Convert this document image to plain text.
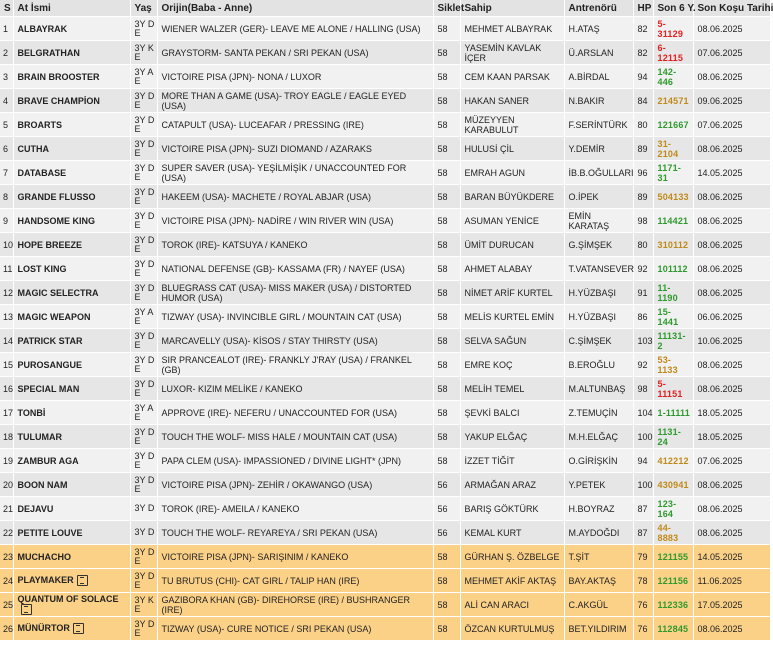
S	At İsmi	Yaş	Orijin(Baba - Anne)	Siklet	Sahip	Antrenörü	HP	Son 6 Y.	Son Koşu Tarihi
1	ALBAYRAK	3Y D E	WIENER WALZER (GER)- LEAVE ME ALONE / HALLING (USA)	58	MEHMET ALBAYRAK	H.ATAŞ	82	5-31129	08.06.2025
2	BELGRATHAN	3Y K E	GRAYSTORM- SANTA PEKAN / SRI PEKAN (USA)	58	YASEMİN KAVLAK İÇER	Ü.ARSLAN	82	6-12115	07.06.2025
3	BRAIN BROOSTER	3Y A E	VICTOIRE PISA (JPN)- NONA / LUXOR	58	CEM KAAN PARSAK	A.BİRDAL	94	142-446	08.06.2025
4	BRAVE CHAMPİON	3Y D E	MORE THAN A GAME (USA)- TROY EAGLE / EAGLE EYED (USA)	58	HAKAN SANER	N.BAKIR	84	214571	09.06.2025
5	BROARTS	3Y D E	CATAPULT (USA)- LUCEAFAR / PRESSING (IRE)	58	MÜZEYYEN KARABULUT	F.SERİNTÜRK	80	121667	07.06.2025
6	CUTHA	3Y D E	VICTOIRE PISA (JPN)- SUZI DIOMAND / AZARAKS	58	HULUSİ ÇİL	Y.DEMİR	89	31-2104	08.06.2025
7	DATABASE	3Y D E	SUPER SAVER (USA)- YEŞİLMİŞİK / UNACCOUNTED FOR (USA)	58	EMRAH AGUN	İB.B.OĞULLARI	96	1171-31	14.05.2025
8	GRANDE FLUSSO	3Y D E	HAKEEM (USA)- MACHETE / ROYAL ABJAR (USA)	58	BARAN BÜYÜKDERE	O.İPEK	89	504133	08.06.2025
9	HANDSOME KING	3Y D E	VICTOIRE PISA (JPN)- NADİRE / WIN RIVER WIN (USA)	58	ASUMAN YENİCE	EMİN KARATAŞ	98	114421	08.06.2025
10	HOPE BREEZE	3Y D E	TOROK (IRE)- KATSUYA / KANEKO	58	ÜMİT DURUCAN	G.ŞİMŞEK	80	310112	08.06.2025
11	LOST KING	3Y D E	NATIONAL DEFENSE (GB)- KASSAMA (FR) / NAYEF (USA)	58	AHMET ALABAY	T.VATANSEVER	92	101112	08.06.2025
12	MAGIC SELECTRA	3Y D E	BLUEGRASS CAT (USA)- MISS MAKER (USA) / DISTORTED HUMOR (USA)	58	NİMET ARİF KURTEL	H.YÜZBAŞI	91	11-1190	08.06.2025
13	MAGIC WEAPON	3Y A E	TIZWAY (USA)- INVINCIBLE GIRL / MOUNTAIN CAT (USA)	58	MELİS KURTEL EMİN	H.YÜZBAŞI	86	15-1441	06.06.2025
14	PATRICK STAR	3Y D E	MARCAVELLY (USA)- KİSOS / STAY THIRSTY (USA)	58	SELVA SAĞUN	C.ŞİMŞEK	103	11131-2	10.06.2025
15	PUROSANGUE	3Y D E	SIR PRANCEALOT (IRE)- FRANKLY J'RAY (USA) / FRANKEL (GB)	58	EMRE KOÇ	B.EROĞLU	92	53-1133	08.06.2025
16	SPECIAL MAN	3Y D E	LUXOR- KIZIM MELİKE / KANEKO	58	MELİH TEMEL	M.ALTUNBAŞ	98	5-11151	08.06.2025
17	TONBİ	3Y A E	APPROVE (IRE)- NEFERU / UNACCOUNTED FOR (USA)	58	ŞEVKİ BALCI	Z.TEMUÇİN	104	1-11111	18.05.2025
18	TULUMAR	3Y D E	TOUCH THE WOLF- MISS HALE / MOUNTAIN CAT (USA)	58	YAKUP ELĞAÇ	M.H.ELĞAÇ	100	1131-24	18.05.2025
19	ZAMBUR AGA	3Y D E	PAPA CLEM (USA)- IMPASSIONED / DIVINE LIGHT* (JPN)	58	İZZET TİĞİT	O.GİRİŞKİN	94	412212	07.06.2025
20	BOON NAM	3Y D E	VICTOIRE PISA (JPN)- ZEHİR / OKAWANGO (USA)	56	ARMAĞAN ARAZ	Y.PETEK	100	430941	08.06.2025
21	DEJAVU	3Y D	TOROK (IRE)- AMEILA / KANEKO	56	BARIŞ GÖKTÜRK	H.BOYRAZ	87	123-164	08.06.2025
22	PETITE LOUVE	3Y D	TOUCH THE WOLF- REYAREYA / SRI PEKAN (USA)	56	KEMAL KURT	M.AYDOĞDI	87	44-8883	08.06.2025
23	MUCHACHO	3Y D E	VICTOIRE PISA (JPN)- SARIŞINIM / KANEKO	58	GÜRHAN Ş. ÖZBELGE	T.ŞİT	79	121155	14.05.2025
24	PLAYMAKER	3Y D E	TU BRUTUS (CHI)- CAT GIRL / TALIP HAN (IRE)	58	MEHMET AKİF AKTAŞ	BAY.AKTAŞ	78	121156	11.06.2025
25	QUANTUM OF SOLACE	3Y K E	GAZIBORA KHAN (GB)- DIREHORSE (IRE) / BUSHRANGER (IRE)	58	ALİ CAN ARACI	C.AKGÜL	76	112336	17.05.2025
26	MÜNÜRTOR	3Y D E	TIZWAY (USA)- CURE NOTICE / SRI PEKAN (USA)	58	ÖZCAN KURTULMUŞ	BET.YILDIRIM	76	112845	08.06.2025
